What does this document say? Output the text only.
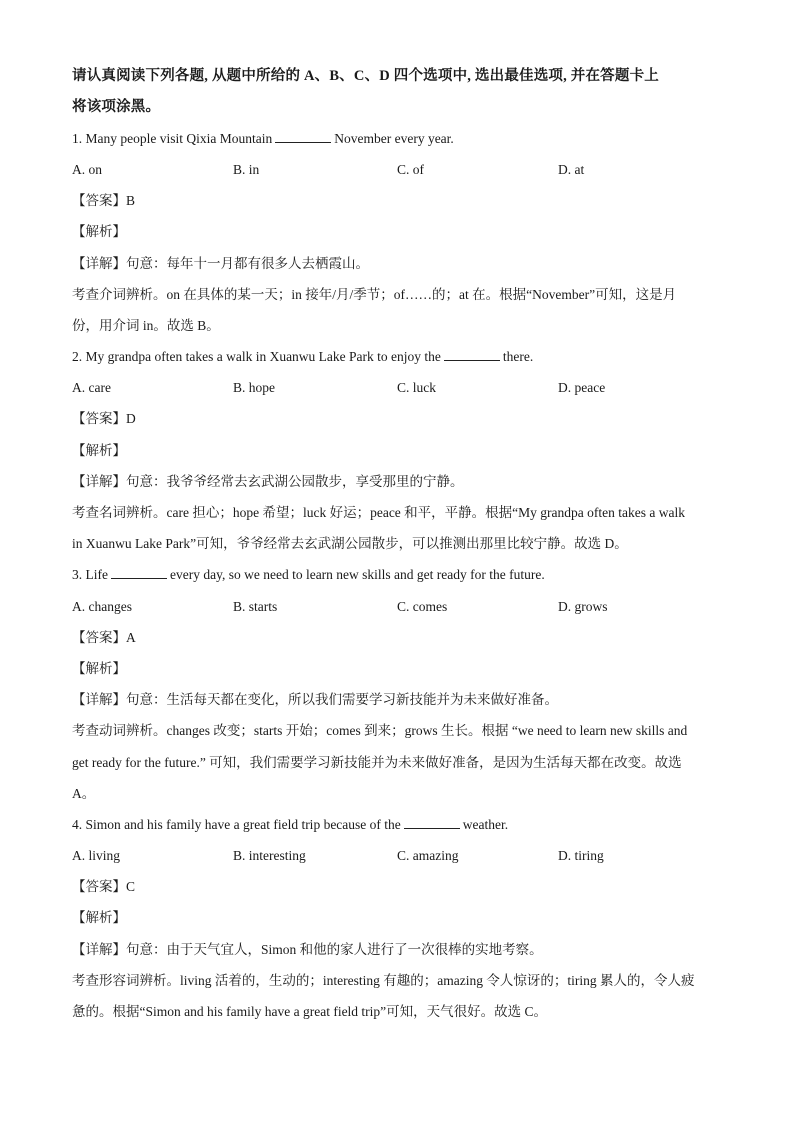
请认真阅读下列各题, 从题中所给的 A、B、C、D 四个选项中, 选出最佳选项, 并在答题卡上
将该项涂黑。
1. Many people visit Qixia Mountain	November every year.
A. on	B. in	C. of	D. at
【答案】B
【解析】
【详解】句意：每年十一月都有很多人去栖霞山。
考查介词辨析。on 在具体的某一天；in 接年/月/季节；of……的；at 在。根据“November”可知，这是月
份，用介词 in。故选 B。
2. My grandpa often takes a walk in Xuanwu Lake Park to enjoy the	there.
A. care	B. hope	C. luck	D. peace
【答案】D
【解析】
【详解】句意：我爷爷经常去玄武湖公园散步，享受那里的宁静。
考查名词辨析。care 担心；hope 希望；luck 好运；peace 和平，平静。根据“My grandpa often takes a walk
in Xuanwu Lake Park”可知，爷爷经常去玄武湖公园散步，可以推测出那里比较宁静。故选 D。
3. Life	every day, so we need to learn new skills and get ready for the future.
A. changes	B. starts	C. comes	D. grows
【答案】A
【解析】
【详解】句意：生活每天都在变化，所以我们需要学习新技能并为未来做好准备。
考查动词辨析。changes 改变；starts 开始；comes 到来；grows 生长。根据 “we need to learn new skills and
get ready for the future.” 可知，我们需要学习新技能并为未来做好准备，是因为生活每天都在改变。故选
A。
4. Simon and his family have a great field trip because of the	weather.
A. living	B. interesting	C. amazing	D. tiring
【答案】C
【解析】
【详解】句意：由于天气宜人，Simon 和他的家人进行了一次很棒的实地考察。
考查形容词辨析。living 活着的，生动的；interesting 有趣的；amazing 令人惊讶的；tiring 累人的，令人疲
惫的。根据“Simon and his family have a great field trip”可知，天气很好。故选 C。
